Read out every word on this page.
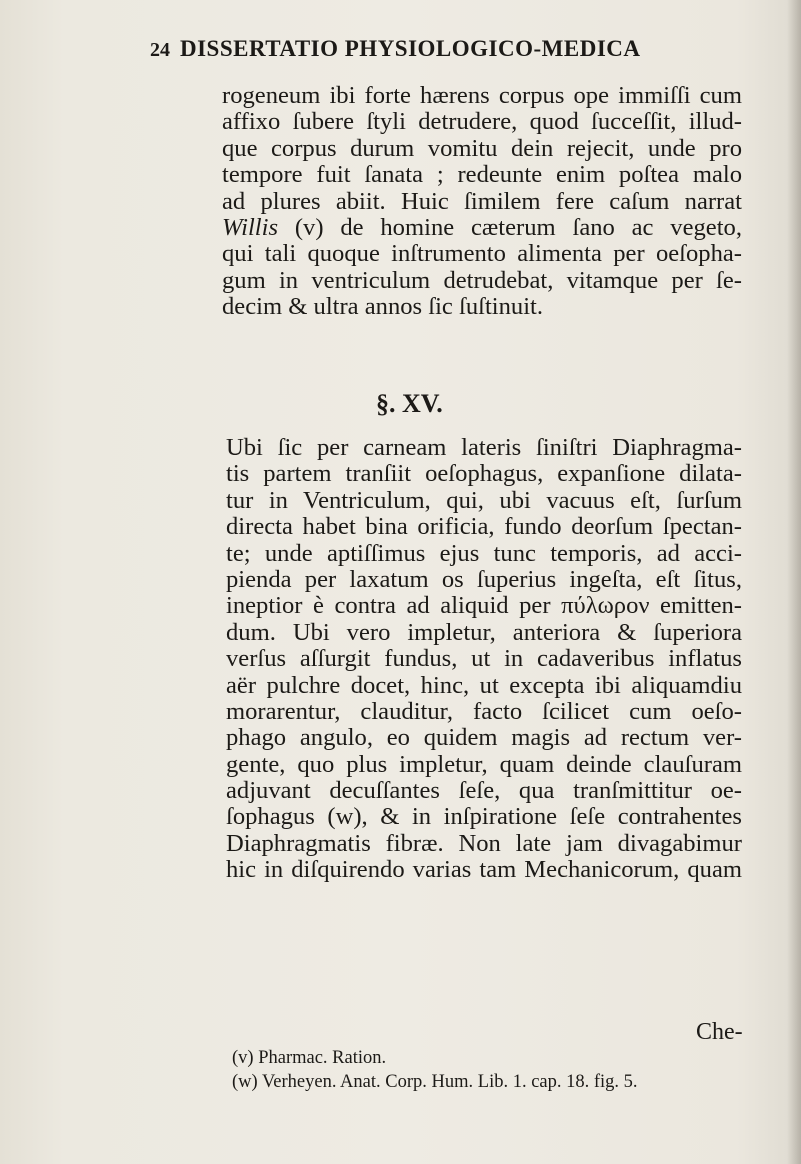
24 DISSERTATIO PHYSIOLOGICO-MEDICA
rogeneum ibi forte hærens corpus ope immiſſi cum
affixo ſubere ſtyli detrudere, quod ſucceſſit, illud-
que corpus durum vomitu dein rejecit, unde pro
tempore fuit ſanata ; redeunte enim poſtea malo
ad plures abiit. Huic ſimilem fere caſum narrat
Willis (v) de homine cæterum ſano ac vegeto,
qui tali quoque inſtrumento alimenta per oeſopha-
gum in ventriculum detrudebat, vitamque per ſe-
decim & ultra annos ſic ſuſtinuit.
§. XV.
Ubi ſic per carneam lateris ſiniſtri Diaphragma-
tis partem tranſiit oeſophagus, expanſione dilata-
tur in Ventriculum, qui, ubi vacuus eſt, ſurſum
directa habet bina orificia, fundo deorſum ſpectan-
te; unde aptiſſimus ejus tunc temporis, ad acci-
pienda per laxatum os ſuperius ingeſta, eſt ſitus,
ineptior è contra ad aliquid per πύλωρον emitten-
dum. Ubi vero impletur, anteriora & ſuperiora
verſus aſſurgit fundus, ut in cadaveribus inflatus
aër pulchre docet, hinc, ut excepta ibi aliquamdiu
morarentur, clauditur, facto ſcilicet cum oeſo-
phago angulo, eo quidem magis ad rectum ver-
gente, quo plus impletur, quam deinde clauſuram
adjuvant decuſſantes ſeſe, qua tranſmittitur oe-
ſophagus (w), & in inſpiratione ſeſe contrahentes
Diaphragmatis fibræ. Non late jam divagabimur
hic in diſquirendo varias tam Mechanicorum, quam
Che-
(v) Pharmac. Ration.
(w) Verheyen. Anat. Corp. Hum. Lib. 1. cap. 18. fig. 5.
